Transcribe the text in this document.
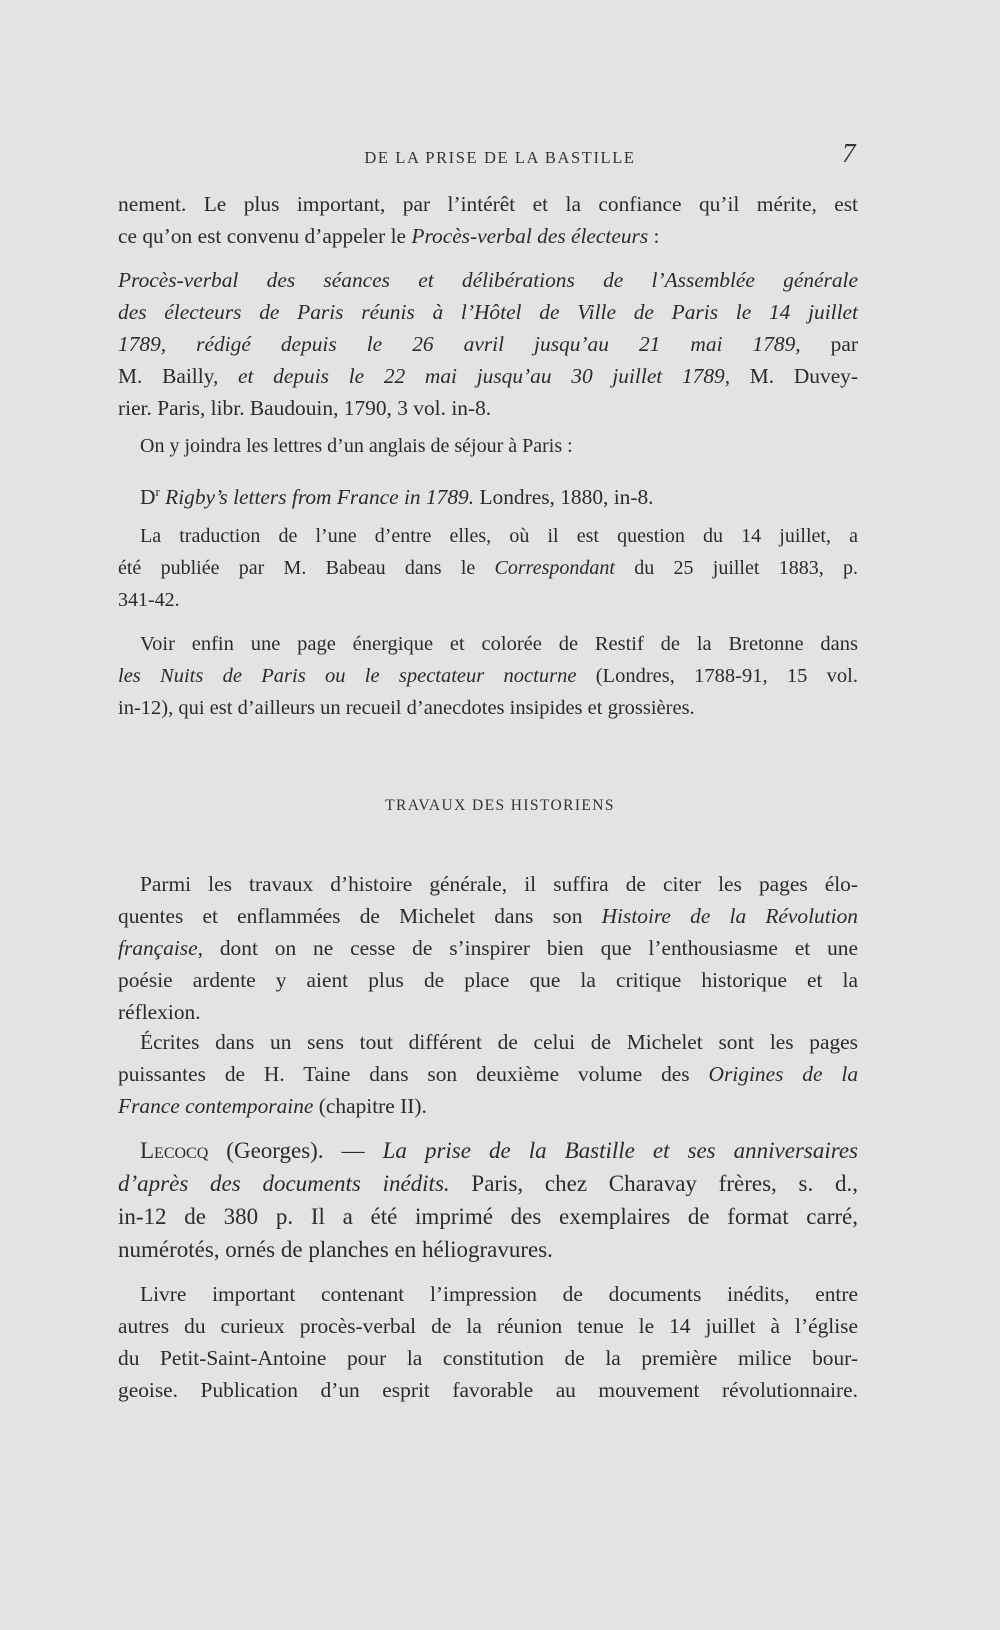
DE LA PRISE DE LA BASTILLE	7
nement. Le plus important, par l’intérêt et la confiance qu’il mérite, est
ce qu’on est convenu d’appeler le Procès-verbal des électeurs :
Procès-verbal des séances et délibérations de l’Assemblée générale
des électeurs de Paris réunis à l’Hôtel de Ville de Paris le 14 juillet
1789, rédigé depuis le 26 avril jusqu’au 21 mai 1789, par
M. Bailly, et depuis le 22 mai jusqu’au 30 juillet 1789, M. Duvey-
rier. Paris, libr. Baudouin, 1790, 3 vol. in-8.
On y joindra les lettres d’un anglais de séjour à Paris :
$D^r$ Rigby’s letters from France in 1789. Londres, 1880, in-8.
La traduction de l’une d’entre elles, où il est question du 14 juillet, a
été publiée par M. Babeau dans le Correspondant du 25 juillet 1883, p.
341-42.
Voir enfin une page énergique et colorée de Restif de la Bretonne dans
les Nuits de Paris ou le spectateur nocturne (Londres, 1788-91, 15 vol.
in-12), qui est d’ailleurs un recueil d’anecdotes insipides et grossières.
TRAVAUX DES HISTORIENS
Parmi les travaux d’histoire générale, il suffira de citer les pages élo-
quentes et enflammées de Michelet dans son Histoire de la Révolution
française, dont on ne cesse de s’inspirer bien que l’enthousiasme et une
poésie ardente y aient plus de place que la critique historique et la
réflexion.
Écrites dans un sens tout différent de celui de Michelet sont les pages
puissantes de H. Taine dans son deuxième volume des Origines de la
France contemporaine (chapitre II).
Lecocq (Georges). — La prise de la Bastille et ses anniversaires
d’après des documents inédits. Paris, chez Charavay frères, s. d.,
in-12 de 380 p. Il a été imprimé des exemplaires de format carré,
numérotés, ornés de planches en héliogravures.
Livre important contenant l’impression de documents inédits, entre
autres du curieux procès-verbal de la réunion tenue le 14 juillet à l’église
du Petit-Saint-Antoine pour la constitution de la première milice bour-
geoise. Publication d’un esprit favorable au mouvement révolutionnaire.
